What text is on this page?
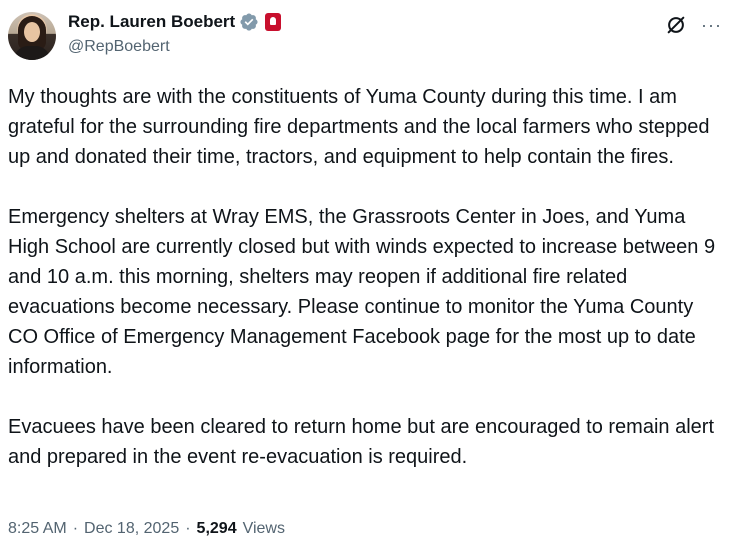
Rep. Lauren Boebert
@RepBoebert
···

My thoughts are with the constituents of Yuma County during this time. I am grateful for the surrounding fire departments and the local farmers who stepped up and donated their time, tractors, and equipment to help contain the fires.

Emergency shelters at Wray EMS, the Grassroots Center in Joes, and Yuma High School are currently closed but with winds expected to increase between 9 and 10 a.m. this morning, shelters may reopen if additional fire related evacuations become necessary. Please continue to monitor the Yuma County CO Office of Emergency Management Facebook page for the most up to date information.

Evacuees have been cleared to return home but are encouraged to remain alert and prepared in the event re-evacuation is required.

8:25 AM · Dec 18, 2025 · 5,294 Views
